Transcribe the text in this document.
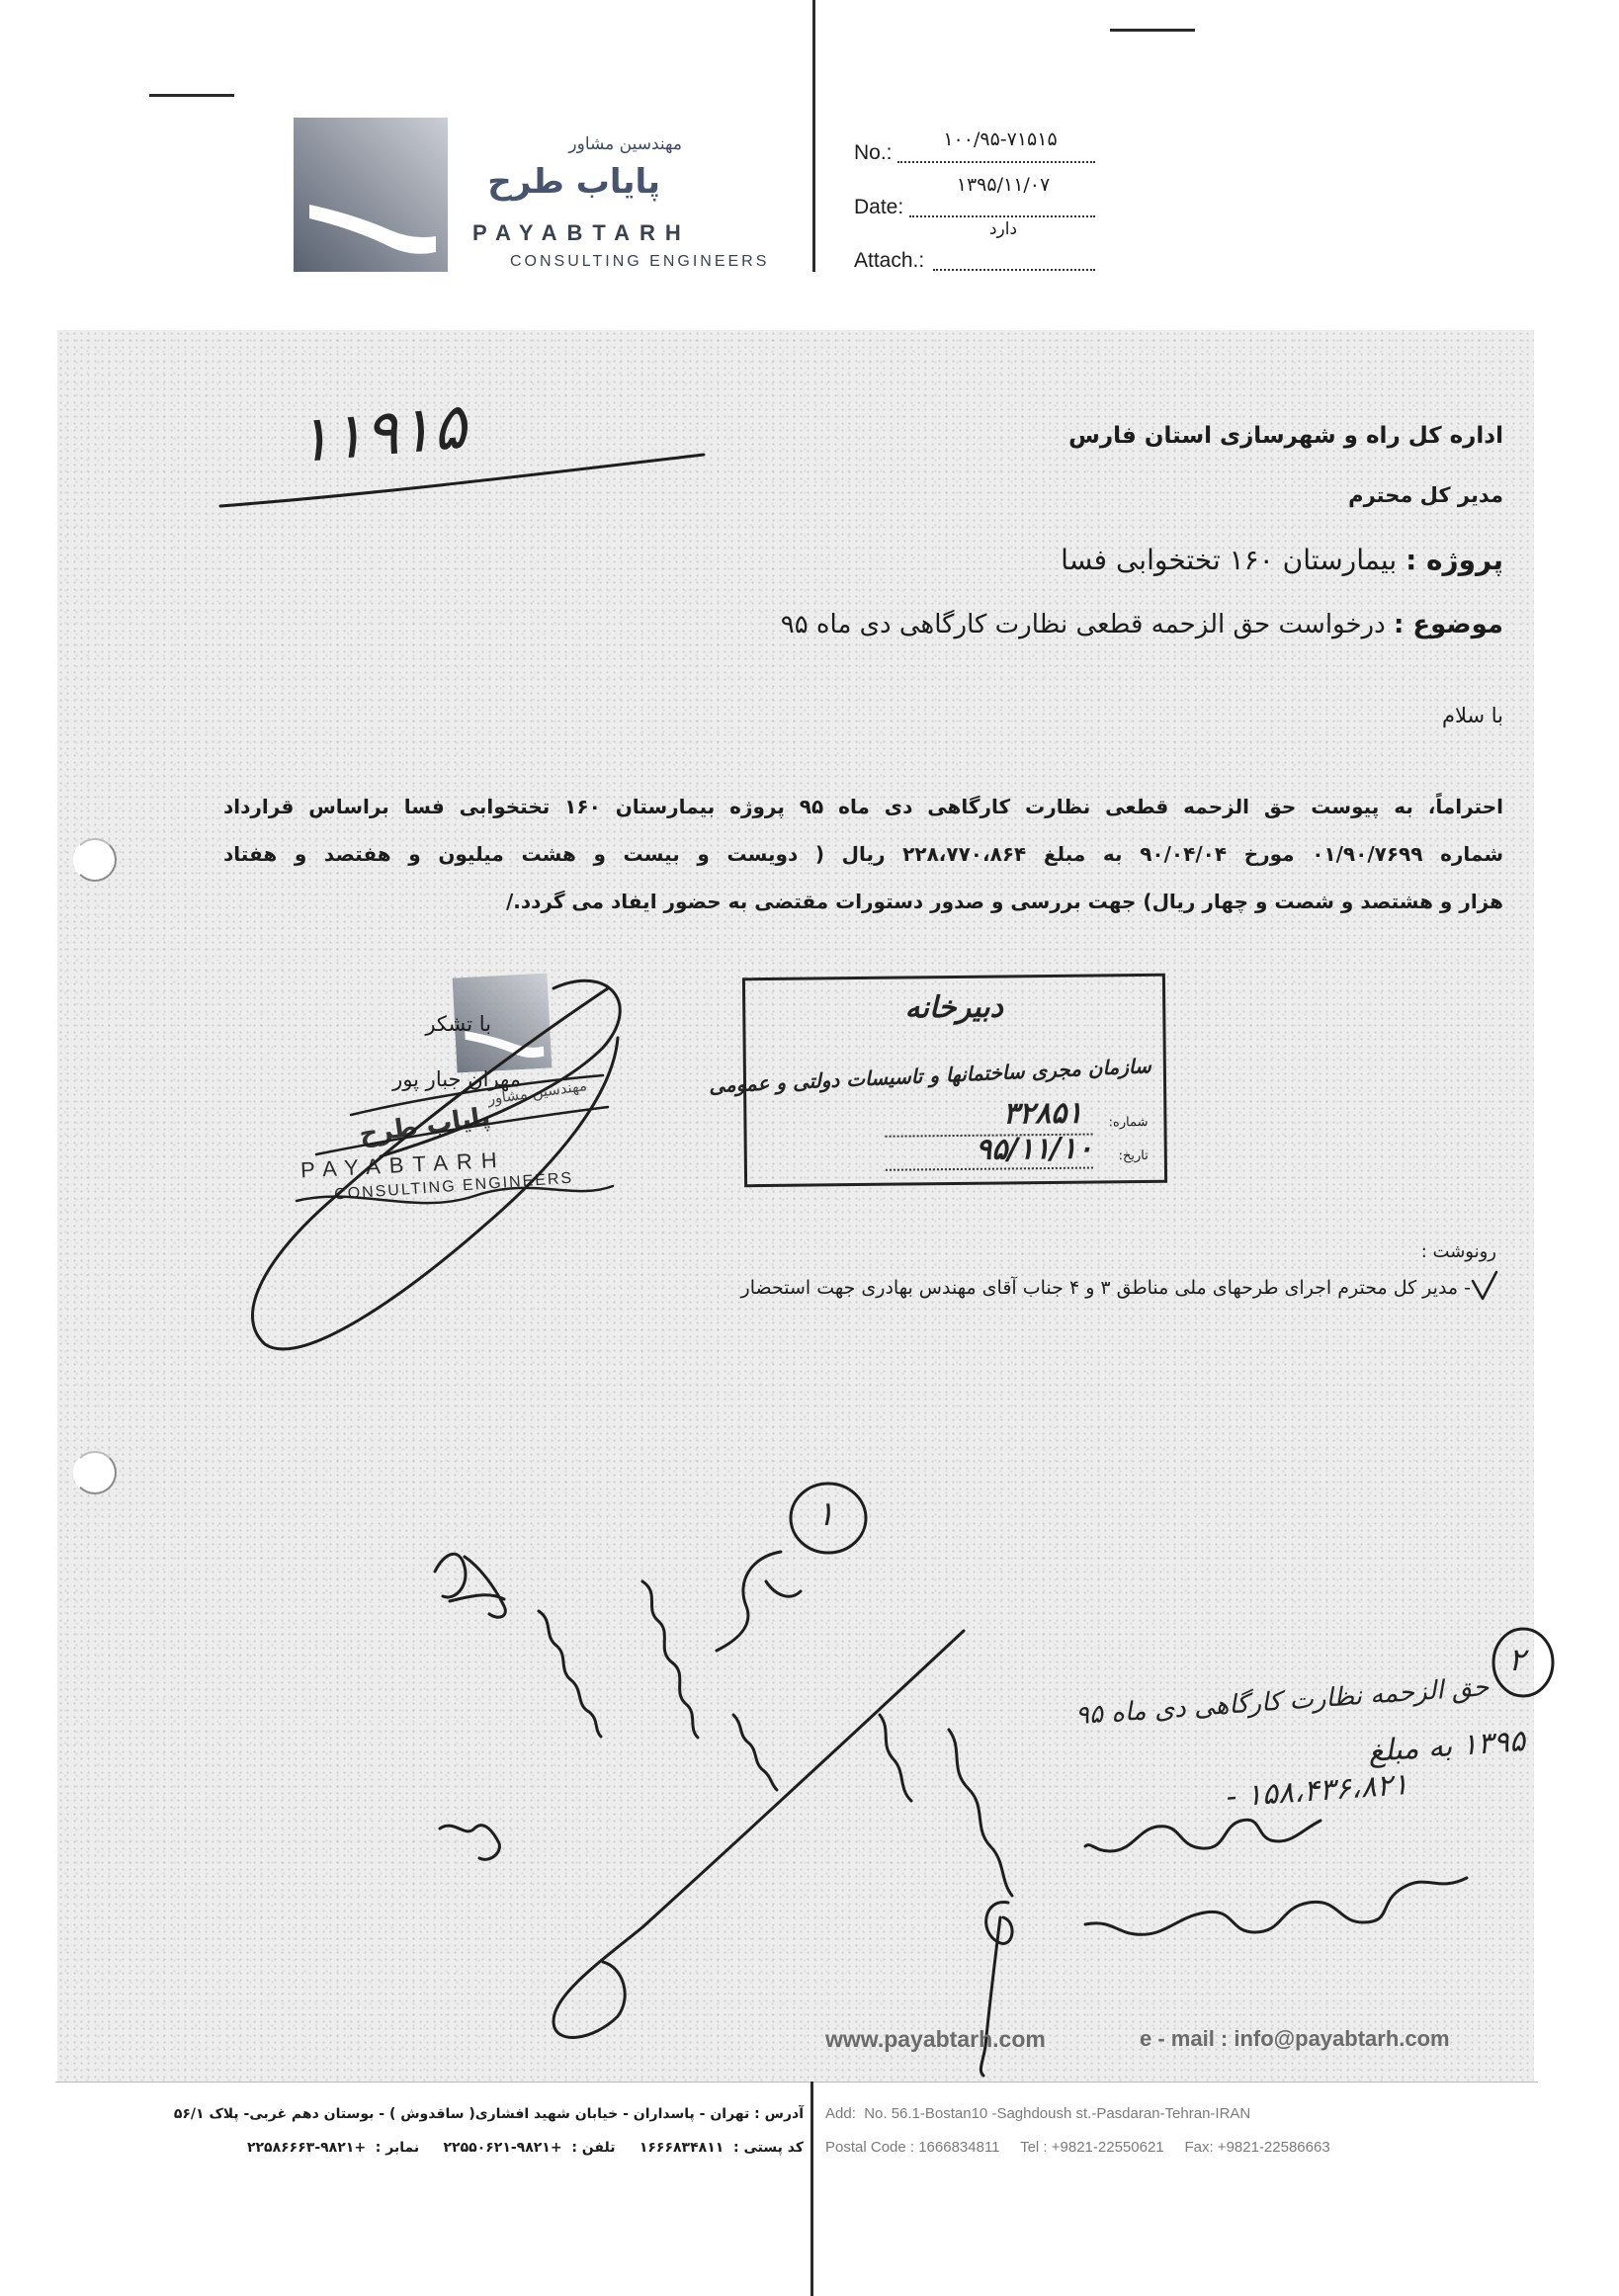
مهندسین مشاور
پایاب طرح
PAYABTARH
CONSULTING ENGINEERS
No.:
۱۰۰/۹۵-۷۱۵۱۵
Date:
۱۳۹۵/۱۱/۰۷
Attach.:
دارد
۱۱۹۱۵	اداره کل راه و شهرسازی استان فارس
مدیر کل محترم
پروژه : بیمارستان ۱۶۰ تختخوابی فسا
موضوع : درخواست حق الزحمه قطعی نظارت کارگاهی دی ماه ۹۵
با سلام
احتراماً، به پیوست حق الزحمه قطعی نظارت کارگاهی دی ماه ۹۵ پروژه بیمارستان ۱۶۰ تختخوابی فسا براساس قرارداد
شماره ۰۱/۹۰/۷۶۹۹ مورخ ۹۰/۰۴/۰۴ به مبلغ ۲۲۸،۷۷۰،۸۶۴ ریال ( دویست و بیست و هشت میلیون و هفتصد و هفتاد
هزار و هشتصد و شصت و چهار ریال) جهت بررسی و صدور دستورات مقتضی به حضور ایفاد می گردد./
دبیرخانه
سازمان مجری ساختمانها و تاسیسات دولتی و عمومی
شماره:
۳۲۸۵۱
تاریخ:
۹۵/۱۱/۱۰
با تشکر
مهران جبار پور
مهندسین مشاور
پایاب طرح
PAYABTARH
CONSULTING ENGINEERS
رونوشت :
- مدیر کل محترم اجرای طرحهای ملی مناطق ۳ و ۴ جناب آقای مهندس بهادری جهت استحضار
۱
۲
حق الزحمه نظارت کارگاهی دی ماه ۹۵
۱۳۹۵ به مبلغ
۱۵۸،۴۳۶،۸۲۱ -
www.payabtarh.com	e - mail : info@payabtarh.com
آدرس : تهران - پاسداران - خیابان شهید افشاری( ساقدوش ) - بوستان دهم غربی- پلاک ۵۶/۱
کد پستی :  ۱۶۶۶۸۳۴۸۱۱     تلفن :  +۹۸۲۱-۲۲۵۵۰۶۲۱     نمابر :  +۹۸۲۱-۲۲۵۸۶۶۶۳
Add:  No. 56.1-Bostan10 -Saghdoush st.-Pasdaran-Tehran-IRAN
Postal Code : 1666834811     Tel : +9821-22550621     Fax: +9821-22586663
